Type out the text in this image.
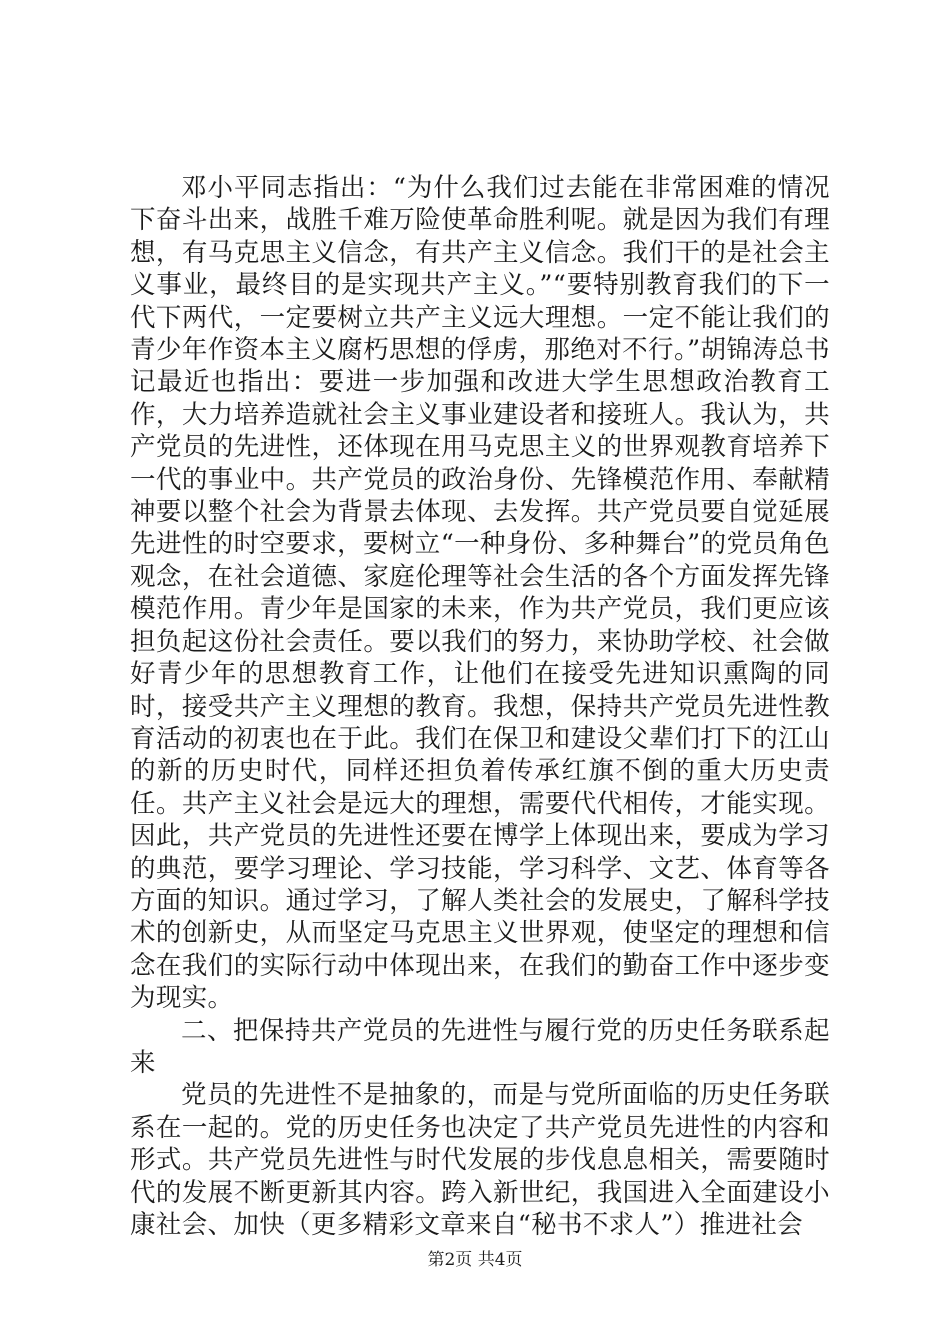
邓小平同志指出：“为什么我们过去能在非常困难的情况下奋斗出来，战胜千难万险使革命胜利呢。就是因为我们有理想，有马克思主义信念，有共产主义信念。我们干的是社会主义事业，最终目的是实现共产主义。”“要特别教育我们的下一代下两代，一定要树立共产主义远大理想。一定不能让我们的青少年作资本主义腐朽思想的俘虏，那绝对不行。”胡锦涛总书记最近也指出：要进一步加强和改进大学生思想政治教育工作，大力培养造就社会主义事业建设者和接班人。我认为，共产党员的先进性，还体现在用马克思主义的世界观教育培养下一代的事业中。共产党员的政治身份、先锋模范作用、奉献精神要以整个社会为背景去体现、去发挥。共产党员要自觉延展先进性的时空要求，要树立“一种身份、多种舞台”的党员角色观念，在社会道德、家庭伦理等社会生活的各个方面发挥先锋模范作用。青少年是国家的未来，作为共产党员，我们更应该担负起这份社会责任。要以我们的努力，来协助学校、社会做好青少年的思想教育工作，让他们在接受先进知识熏陶的同时，接受共产主义理想的教育。我想，保持共产党员先进性教育活动的初衷也在于此。我们在保卫和建设父辈们打下的江山的新的历史时代，同样还担负着传承红旗不倒的重大历史责任。共产主义社会是远大的理想，需要代代相传，才能实现。因此，共产党员的先进性还要在博学上体现出来，要成为学习的典范，要学习理论、学习技能，学习科学、文艺、体育等各方面的知识。通过学习，了解人类社会的发展史，了解科学技术的创新史，从而坚定马克思主义世界观，使坚定的理想和信念在我们的实际行动中体现出来，在我们的勤奋工作中逐步变为现实。

二、把保持共产党员的先进性与履行党的历史任务联系起来

党员的先进性不是抽象的，而是与党所面临的历史任务联系在一起的。党的历史任务也决定了共产党员先进性的内容和形式。共产党员先进性与时代发展的步伐息息相关，需要随时代的发展不断更新其内容。跨入新世纪，我国进入全面建设小康社会、加快（更多精彩文章来自“秘书不求人”）推进社会

第2页 共4页
